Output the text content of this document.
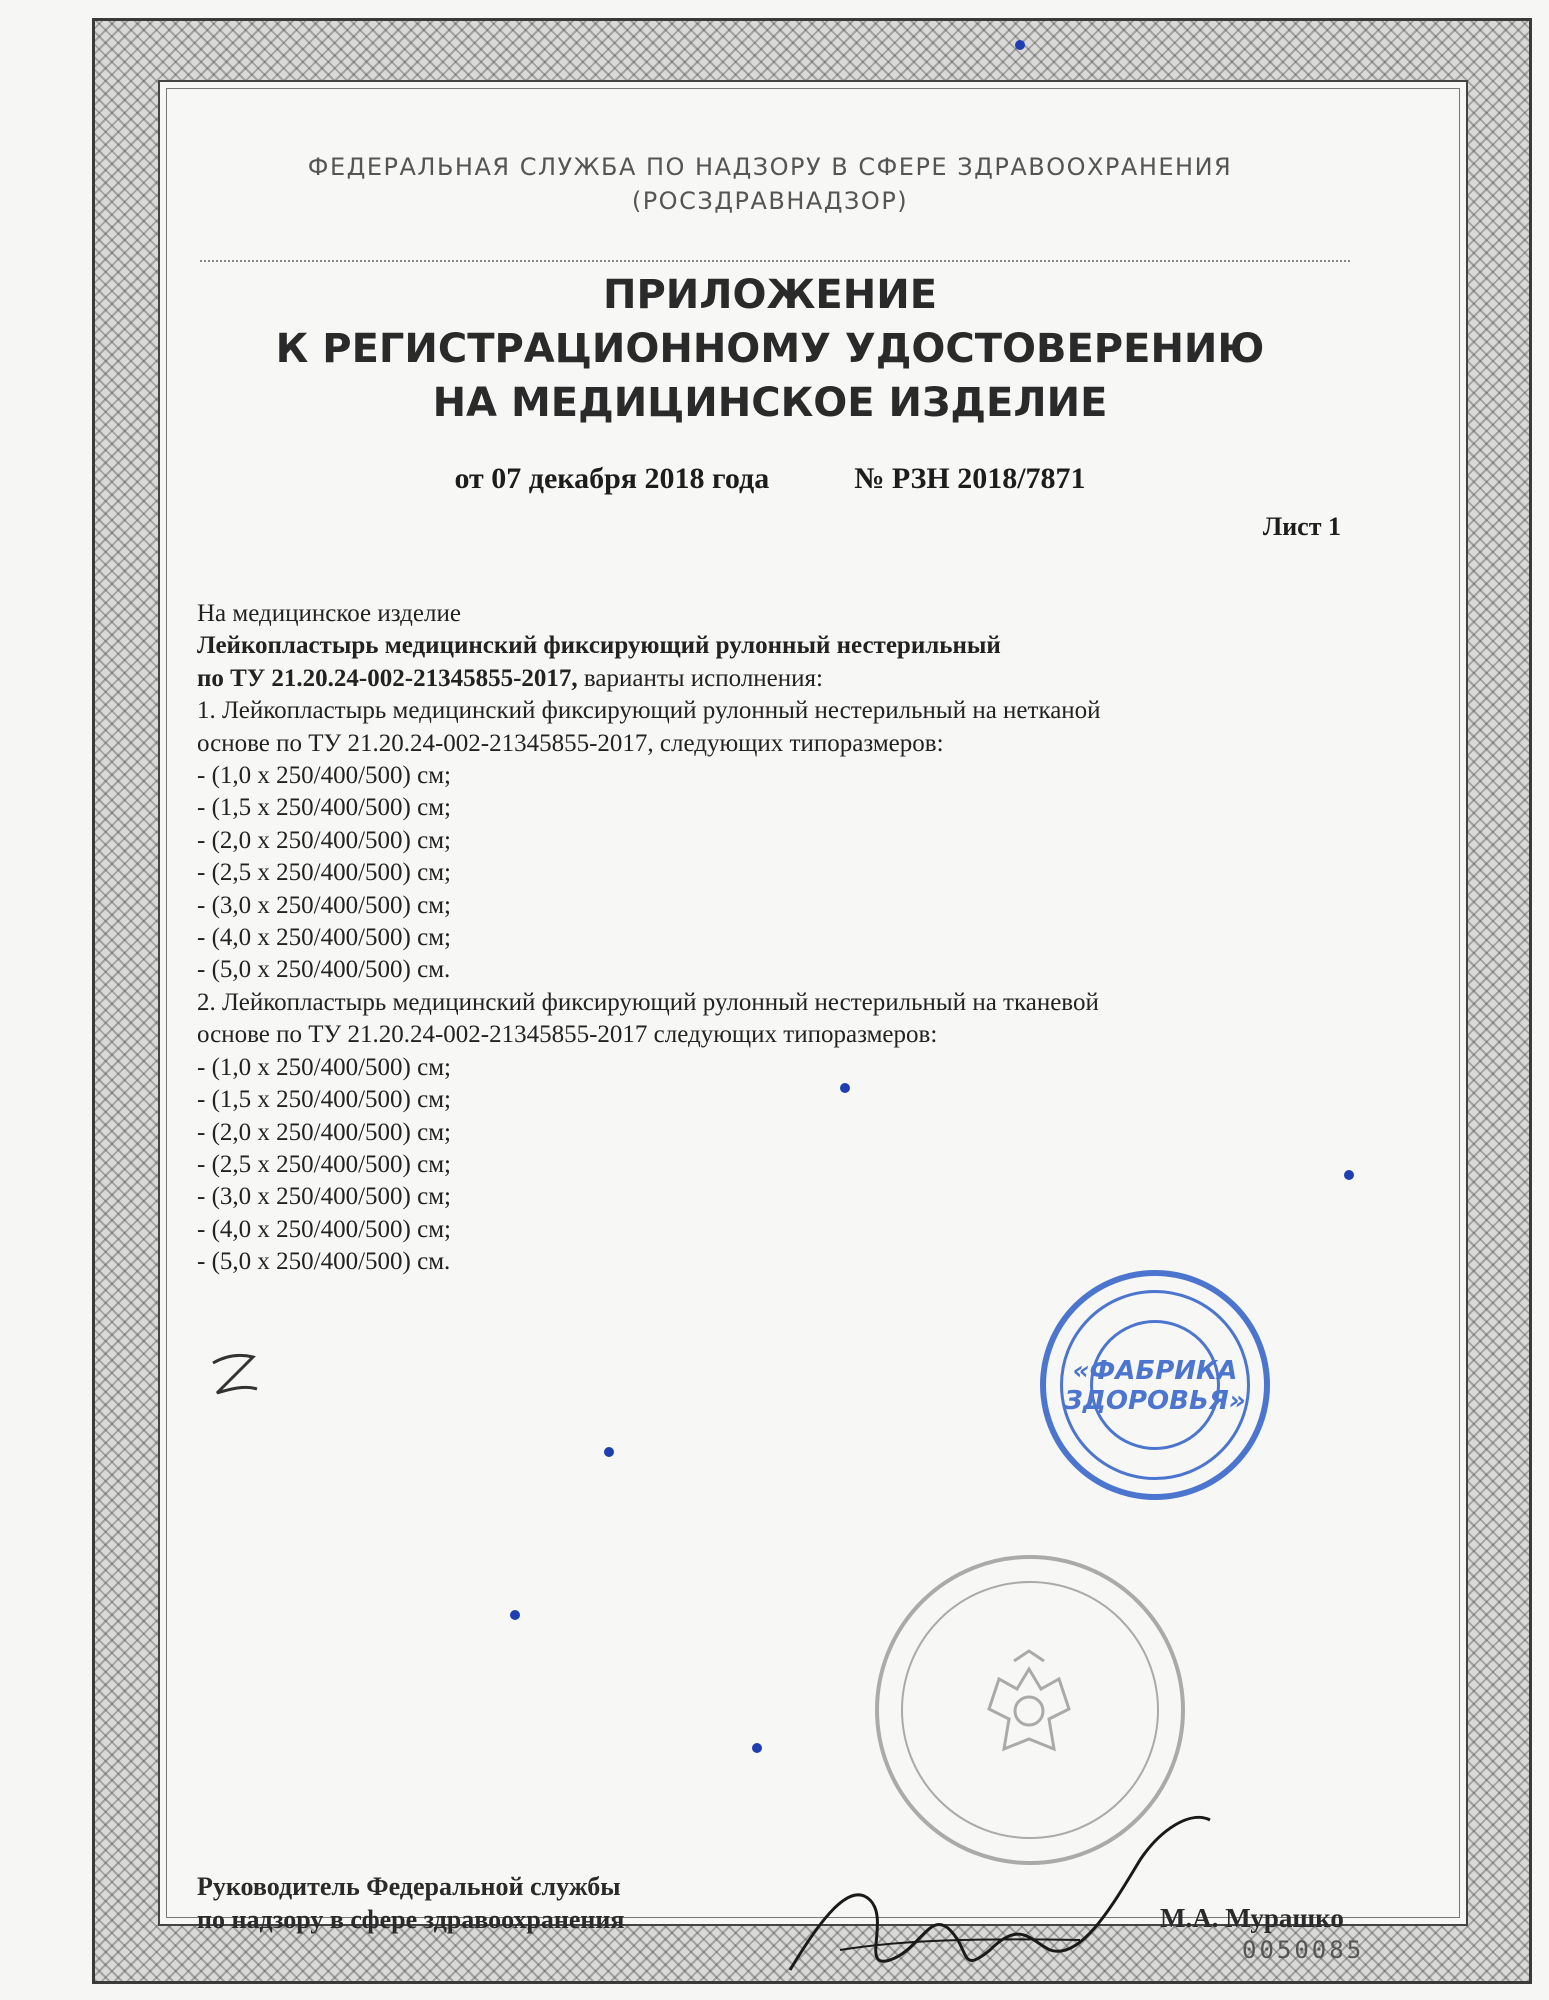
ФЕДЕРАЛЬНАЯ СЛУЖБА ПО НАДЗОРУ В СФЕРЕ ЗДРАВООХРАНЕНИЯ
(РОСЗДРАВНАДЗОР)
ПРИЛОЖЕНИЕ
К РЕГИСТРАЦИОННОМУ УДОСТОВЕРЕНИЮ
НА МЕДИЦИНСКОЕ ИЗДЕЛИЕ
от 07 декабря 2018 года	№ РЗН 2018/7871
Лист 1
На медицинское изделие
Лейкопластырь медицинский фиксирующий рулонный нестерильный
по ТУ 21.20.24-002-21345855-2017, варианты исполнения:
1. Лейкопластырь медицинский фиксирующий рулонный нестерильный на нетканой
основе по ТУ 21.20.24-002-21345855-2017, следующих типоразмеров:
- (1,0 х 250/400/500) см;
- (1,5 х 250/400/500) см;
- (2,0 х 250/400/500) см;
- (2,5 х 250/400/500) см;
- (3,0 х 250/400/500) см;
- (4,0 х 250/400/500) см;
- (5,0 х 250/400/500) см.
2. Лейкопластырь медицинский фиксирующий рулонный нестерильный на тканевой
основе по ТУ 21.20.24-002-21345855-2017 следующих типоразмеров:
- (1,0 х 250/400/500) см;
- (1,5 х 250/400/500) см;
- (2,0 х 250/400/500) см;
- (2,5 х 250/400/500) см;
- (3,0 х 250/400/500) см;
- (4,0 х 250/400/500) см;
- (5,0 х 250/400/500) см.
«ФАБРИКА
ЗДОРОВЬЯ»
Руководитель Федеральной службы
по надзору в сфере здравоохранения	М.А. Мурашко
0050085
